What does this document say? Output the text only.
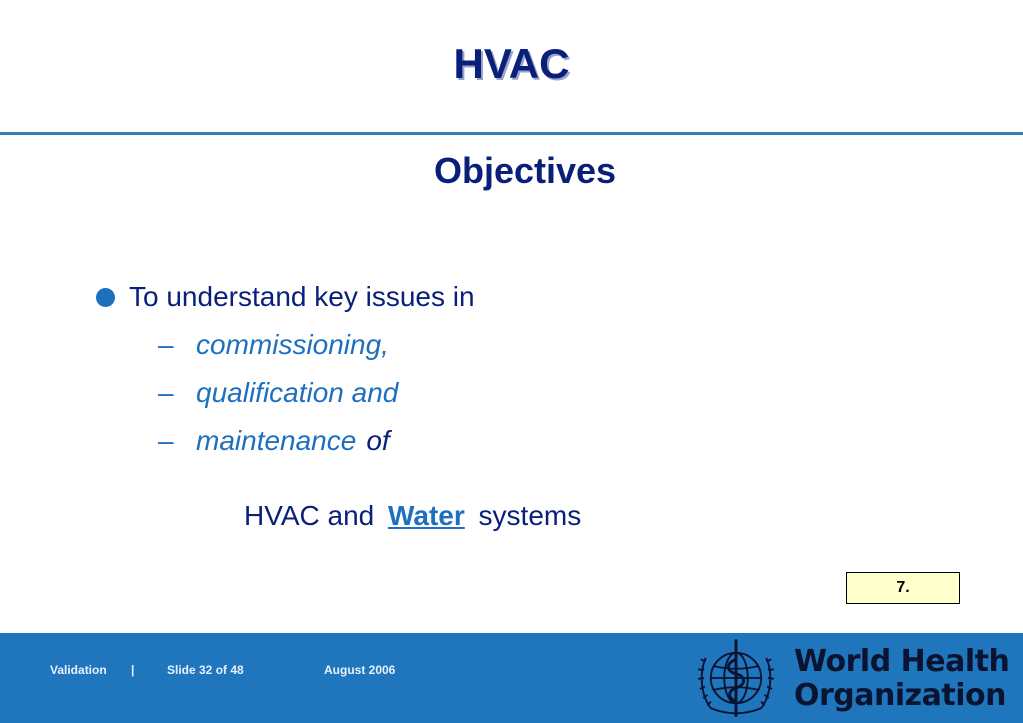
HVAC
Objectives
To understand key issues in
– commissioning,
– qualification and
– maintenance of
HVAC and Water systems
7.
Validation |	Slide 32 of 48	August 2006	World Health
Organization
